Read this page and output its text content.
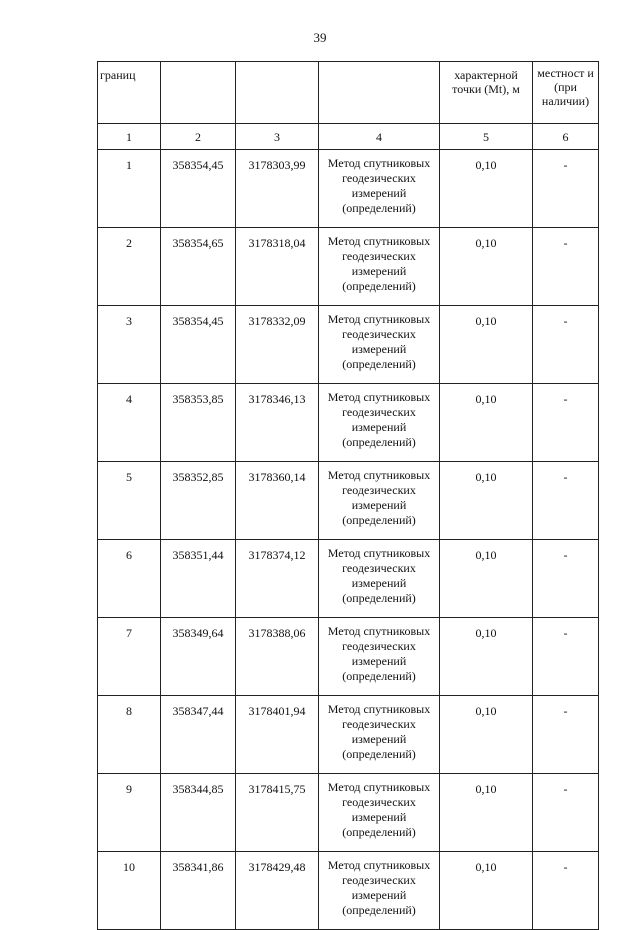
39
границ				характерной точки (Mt), м	местност и (при наличии)
1	2	3	4	5	6
1	358354,45	3178303,99	Метод спутниковых
геодезических
измерений
(определений)	0,10	-
2	358354,65	3178318,04	Метод спутниковых
геодезических
измерений
(определений)	0,10	-
3	358354,45	3178332,09	Метод спутниковых
геодезических
измерений
(определений)	0,10	-
4	358353,85	3178346,13	Метод спутниковых
геодезических
измерений
(определений)	0,10	-
5	358352,85	3178360,14	Метод спутниковых
геодезических
измерений
(определений)	0,10	-
6	358351,44	3178374,12	Метод спутниковых
геодезических
измерений
(определений)	0,10	-
7	358349,64	3178388,06	Метод спутниковых
геодезических
измерений
(определений)	0,10	-
8	358347,44	3178401,94	Метод спутниковых
геодезических
измерений
(определений)	0,10	-
9	358344,85	3178415,75	Метод спутниковых
геодезических
измерений
(определений)	0,10	-
10	358341,86	3178429,48	Метод спутниковых
геодезических
измерений
(определений)	0,10	-
